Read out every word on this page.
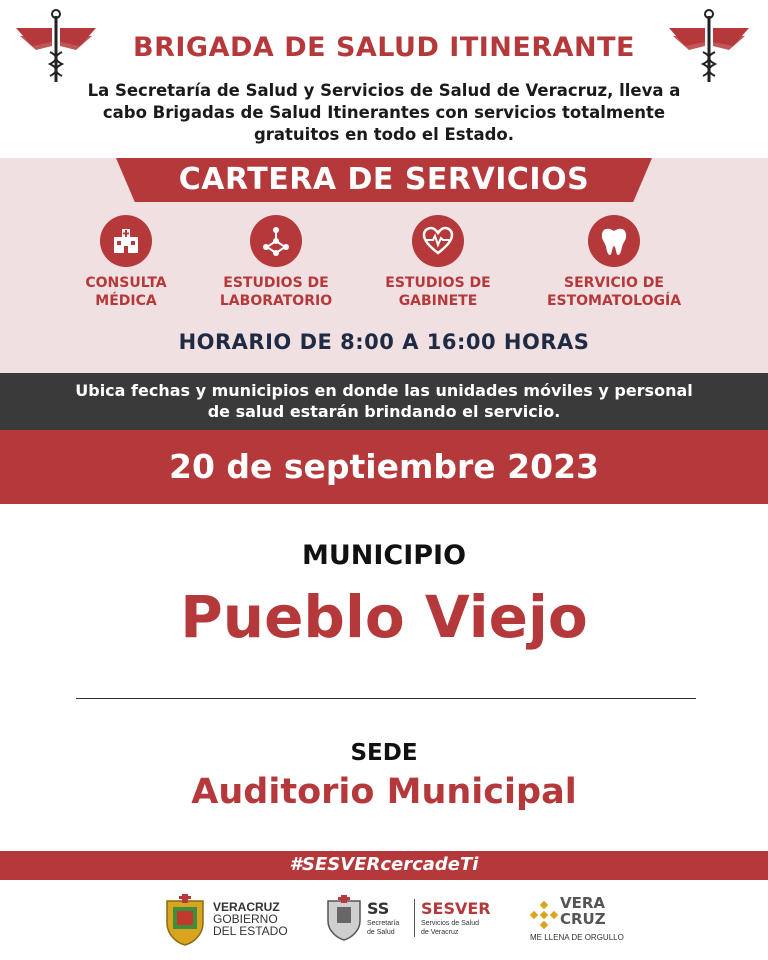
BRIGADA DE SALUD ITINERANTE
La Secretaría de Salud y Servicios de Salud de Veracruz, lleva a cabo Brigadas de Salud Itinerantes con servicios totalmente gratuitos en todo el Estado.
CARTERA DE SERVICIOS
CONSULTA
MÉDICA
ESTUDIOS DE
LABORATORIO
ESTUDIOS DE
GABINETE
SERVICIO DE
ESTOMATOLOGÍA
HORARIO DE 8:00 A 16:00 HORAS
Ubica fechas y municipios en donde las unidades móviles y personal
de salud estarán brindando el servicio.
20 de septiembre 2023
MUNICIPIO
Pueblo Viejo
SEDE
Auditorio Municipal
#SESVERcercadeTi
VERACRUZ
GOBIERNO
DEL ESTADO
SS
Secretaría
de Salud
SESVER
Servicios de Salud
de Veracruz
VERA
CRUZ
ME LLENA DE ORGULLO
